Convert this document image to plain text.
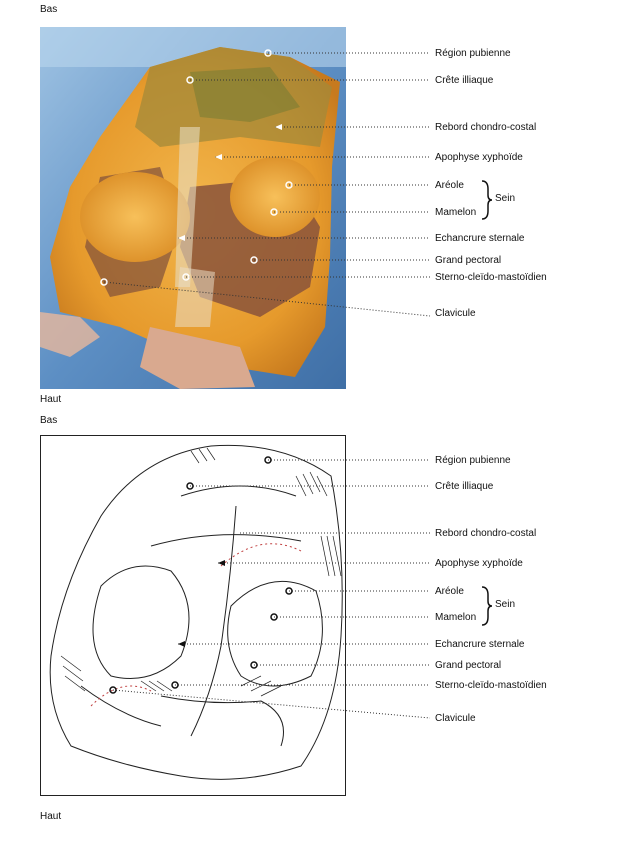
Bas
Haut
Bas
Haut
Région pubienne
Crête illiaque
Rebord chondro-costal
Apophyse xyphoïde
Aréole
Mamelon
Sein
Echancrure sternale
Grand pectoral
Sterno-cleïdo-mastoïdien
Clavicule
Région pubienne
Crête illiaque
Rebord chondro-costal
Apophyse xyphoïde
Aréole
Mamelon
Sein
Echancrure sternale
Grand pectoral
Sterno-cleïdo-mastoïdien
Clavicule
